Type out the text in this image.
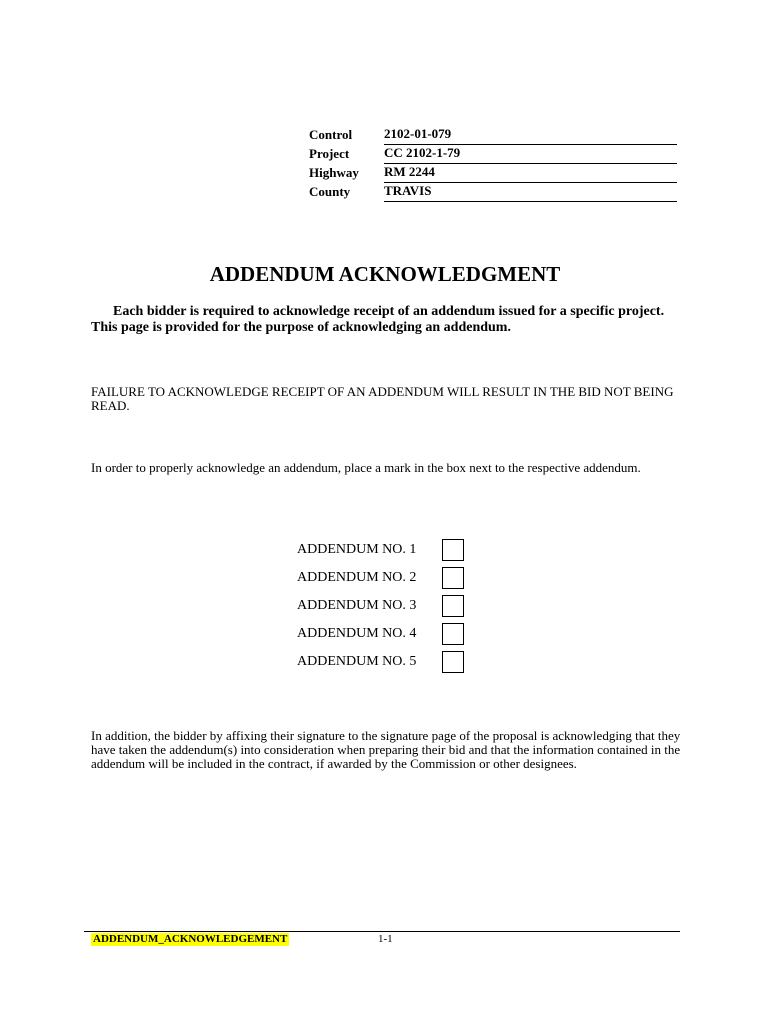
Control	2102-01-079
Project	CC 2102-1-79
Highway	RM 2244
County	TRAVIS
ADDENDUM ACKNOWLEDGMENT

Each bidder is required to acknowledge receipt of an addendum issued for a specific project. This page is provided for the purpose of acknowledging an addendum.

FAILURE TO ACKNOWLEDGE RECEIPT OF AN ADDENDUM WILL RESULT IN THE BID NOT BEING READ.

In order to properly acknowledge an addendum, place a mark in the box next to the respective addendum.

ADDENDUM NO. 1
ADDENDUM NO. 2
ADDENDUM NO. 3
ADDENDUM NO. 4
ADDENDUM NO. 5

In addition, the bidder by affixing their signature to the signature page of the proposal is acknowledging that they have taken the addendum(s) into consideration when preparing their bid and that the information contained in the addendum will be included in the contract, if awarded by the Commission or other designees.

ADDENDUM_ACKNOWLEDGEMENT	1-1
